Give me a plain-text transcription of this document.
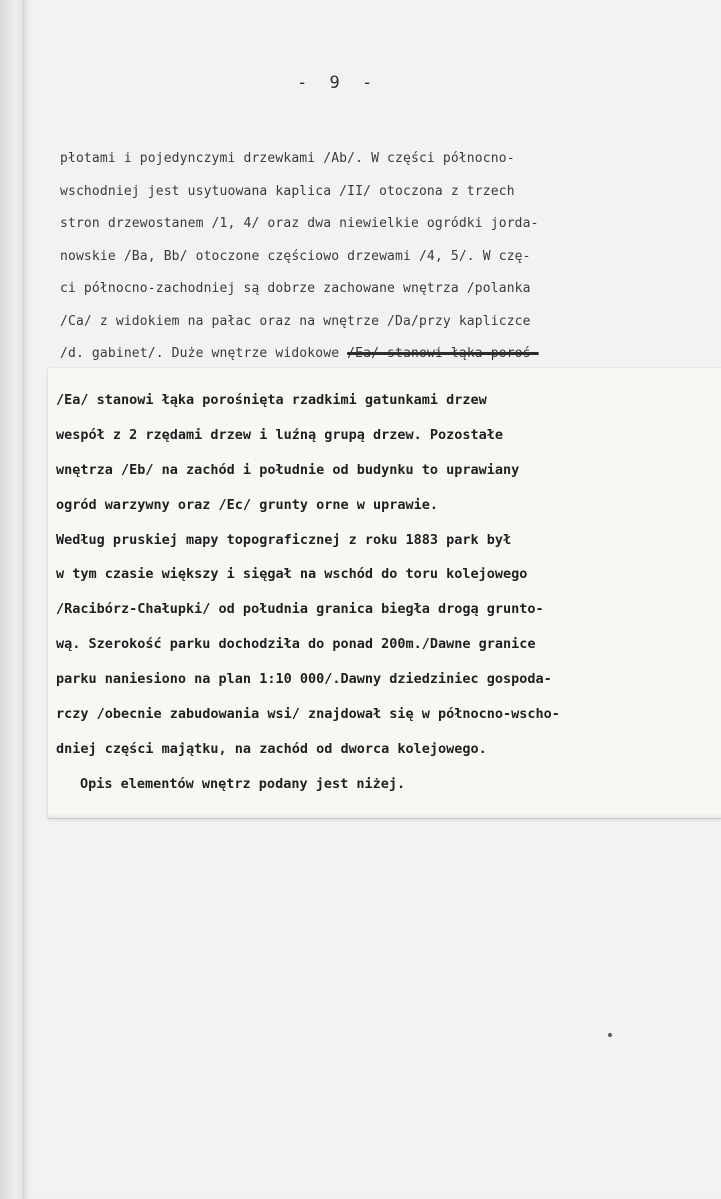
- 9 -
płotami i pojedynczymi drzewkami /Ab/. W części północno-
wschodniej jest usytuowana kaplica /II/ otoczona z trzech
stron drzewostanem /1, 4/ oraz dwa niewielkie ogródki jorda-
nowskie /Ba, Bb/ otoczone częściowo drzewami /4, 5/. W czę-
ci północno-zachodniej są dobrze zachowane wnętrza /polanka
/Ca/ z widokiem na pałac oraz na wnętrze /Da/przy kapliczce
/d. gabinet/. Duże wnętrze widokowe /Ea/ stanowi łąka poroś-
/Ea/ stanowi łąka porośnięta rzadkimi gatunkami drzew
wespół z 2 rzędami drzew i luźną grupą drzew. Pozostałe
wnętrza /Eb/ na zachód i południe od budynku to uprawiany
ogród warzywny oraz /Ec/ grunty orne w uprawie.
Według pruskiej mapy topograficznej z roku 1883 park był
w tym czasie większy i sięgał na wschód do toru kolejowego
/Racibórz-Chałupki/ od południa granica biegła drogą grunto-
wą. Szerokość parku dochodziła do ponad 200m./Dawne granice
parku naniesiono na plan 1:10 000/.Dawny dziedziniec gospoda-
rczy /obecnie zabudowania wsi/ znajdował się w północno-wscho-
dniej części majątku, na zachód od dworca kolejowego.
Opis elementów wnętrz podany jest niżej.
